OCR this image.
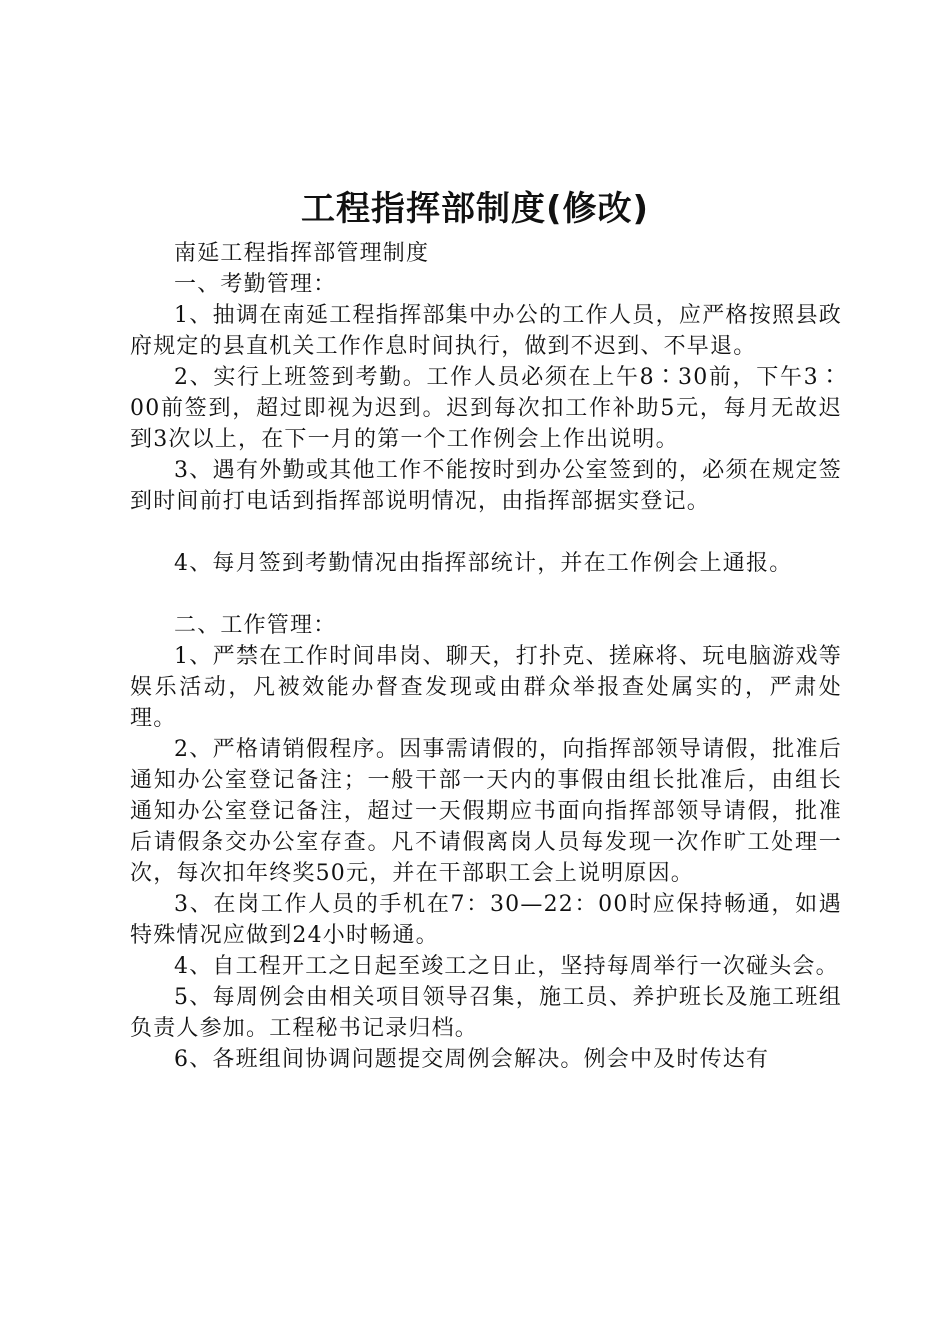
工程指挥部制度(修改)

南延工程指挥部管理制度

一、考勤管理：

1、抽调在南延工程指挥部集中办公的工作人员，应严格按照县政府规定的县直机关工作作息时间执行，做到不迟到、不早退。

2、实行上班签到考勤。工作人员必须在上午8∶30前，下午3∶00前签到，超过即视为迟到。迟到每次扣工作补助5元，每月无故迟到3次以上，在下一月的第一个工作例会上作出说明。

3、遇有外勤或其他工作不能按时到办公室签到的，必须在规定签到时间前打电话到指挥部说明情况，由指挥部据实登记。

4、每月签到考勤情况由指挥部统计，并在工作例会上通报。

二、工作管理：

1、严禁在工作时间串岗、聊天，打扑克、搓麻将、玩电脑游戏等娱乐活动，凡被效能办督查发现或由群众举报查处属实的，严肃处理。

2、严格请销假程序。因事需请假的，向指挥部领导请假，批准后通知办公室登记备注；一般干部一天内的事假由组长批准后，由组长通知办公室登记备注，超过一天假期应书面向指挥部领导请假，批准后请假条交办公室存查。凡不请假离岗人员每发现一次作旷工处理一次，每次扣年终奖50元，并在干部职工会上说明原因。

3、在岗工作人员的手机在7：30—22：00时应保持畅通，如遇特殊情况应做到24小时畅通。

4、自工程开工之日起至竣工之日止，坚持每周举行一次碰头会。

5、每周例会由相关项目领导召集，施工员、养护班长及施工班组负责人参加。工程秘书记录归档。

6、各班组间协调问题提交周例会解决。例会中及时传达有
